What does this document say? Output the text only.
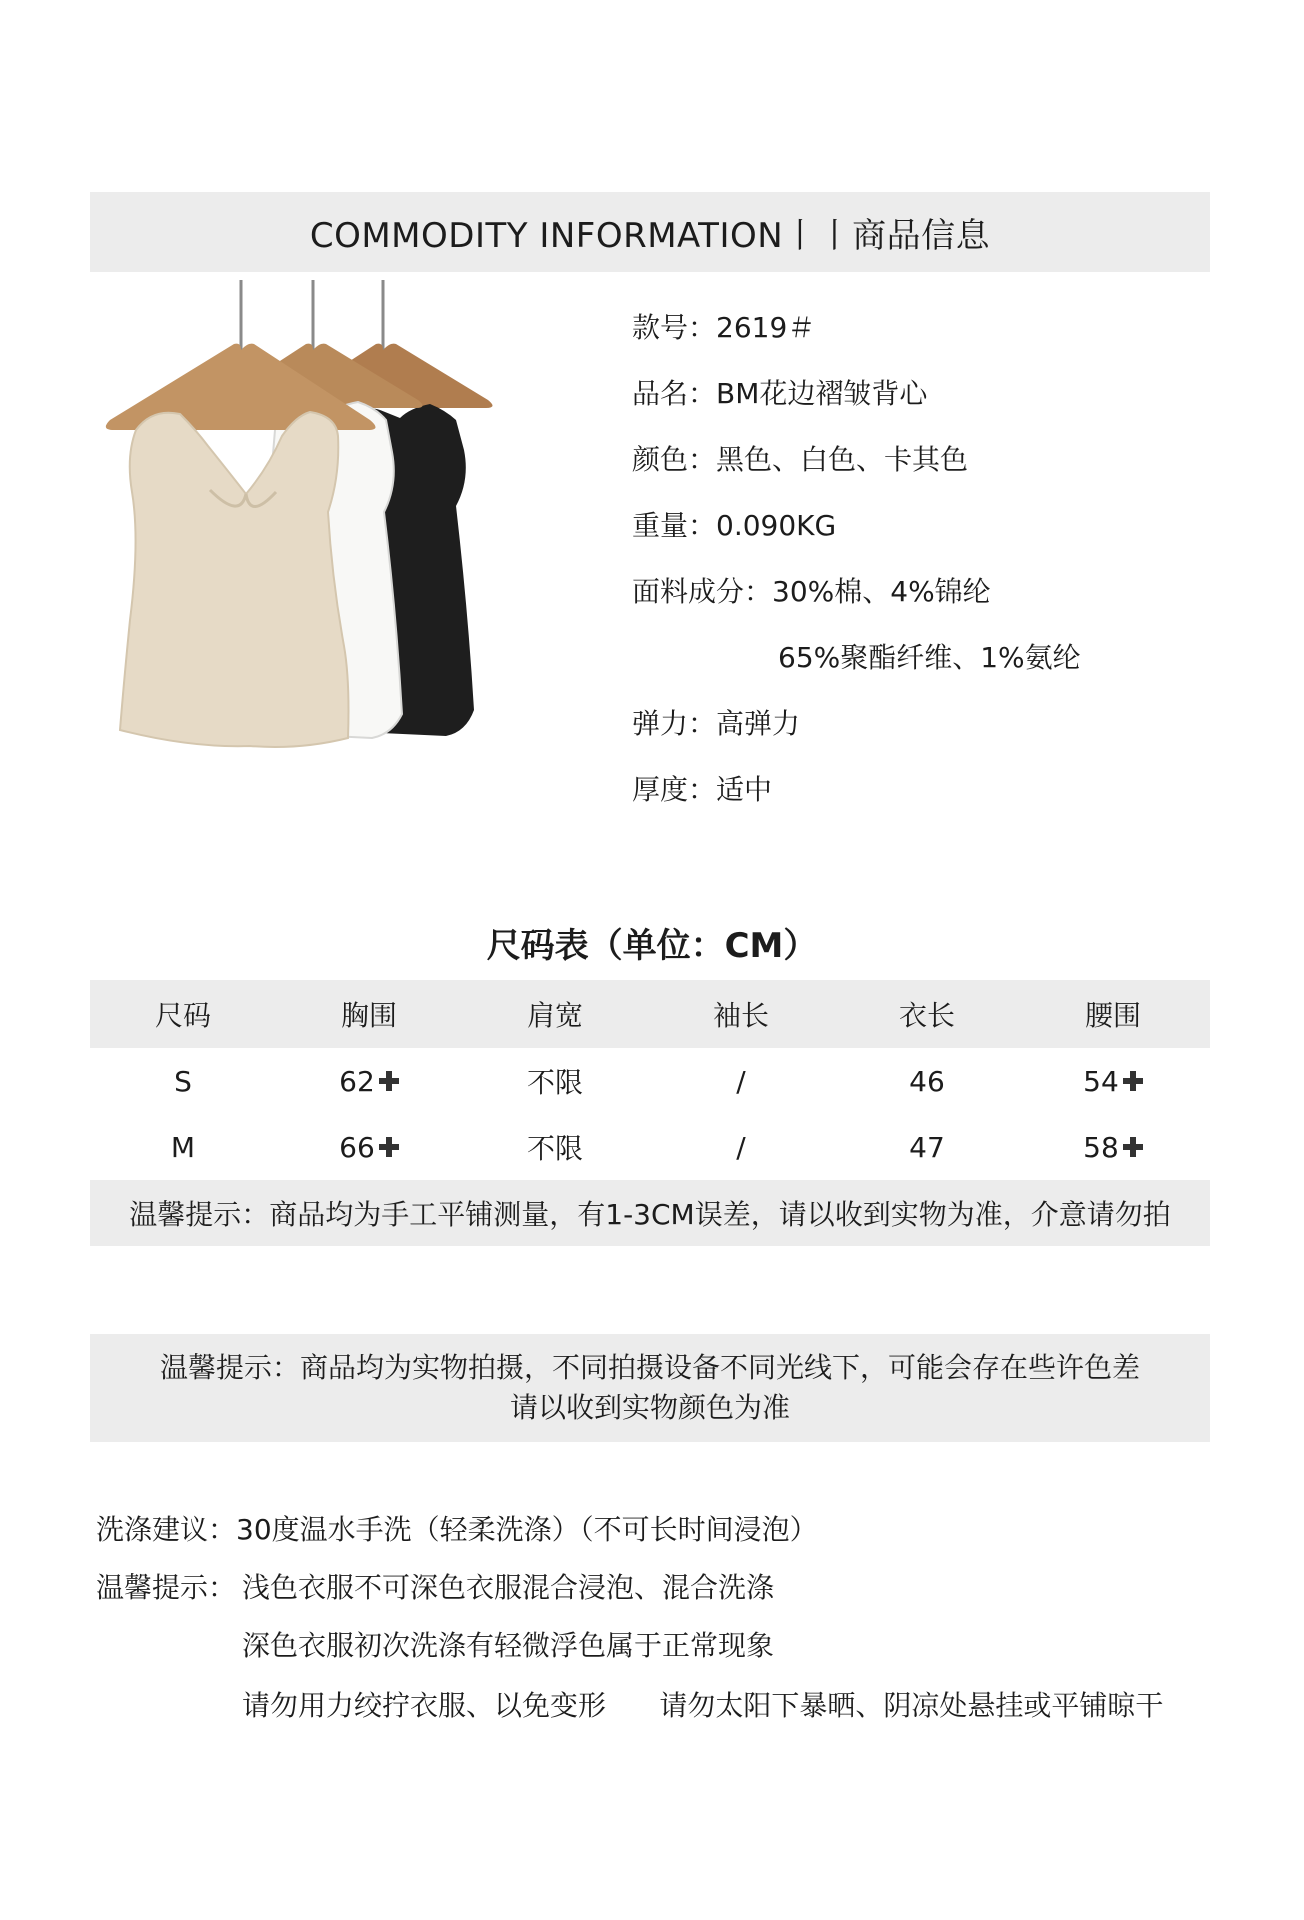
COMMODITY INFORMATION丨丨商品信息
款号：2619＃
品名：BM花边褶皱背心
颜色：黑色、白色、卡其色
重量：0.090KG
面料成分：30%棉、4%锦纶
65%聚酯纤维、1%氨纶
弹力：高弹力
厚度：适中
尺码表（单位：CM）
尺码	胸围	肩宽	袖长	衣长	腰围
S	62	不限	/	46	54
M	66	不限	/	47	58
温馨提示：商品均为手工平铺测量，有1-3CM误差，请以收到实物为准，介意请勿拍
温馨提示：商品均为实物拍摄，不同拍摄设备不同光线下，可能会存在些许色差
请以收到实物颜色为准
洗涤建议：30度温水手洗（轻柔洗涤）（不可长时间浸泡）
温馨提示： 浅色衣服不可深色衣服混合浸泡、混合洗涤
深色衣服初次洗涤有轻微浮色属于正常现象
请勿用力绞拧衣服、以免变形      请勿太阳下暴晒、阴凉处悬挂或平铺晾干
